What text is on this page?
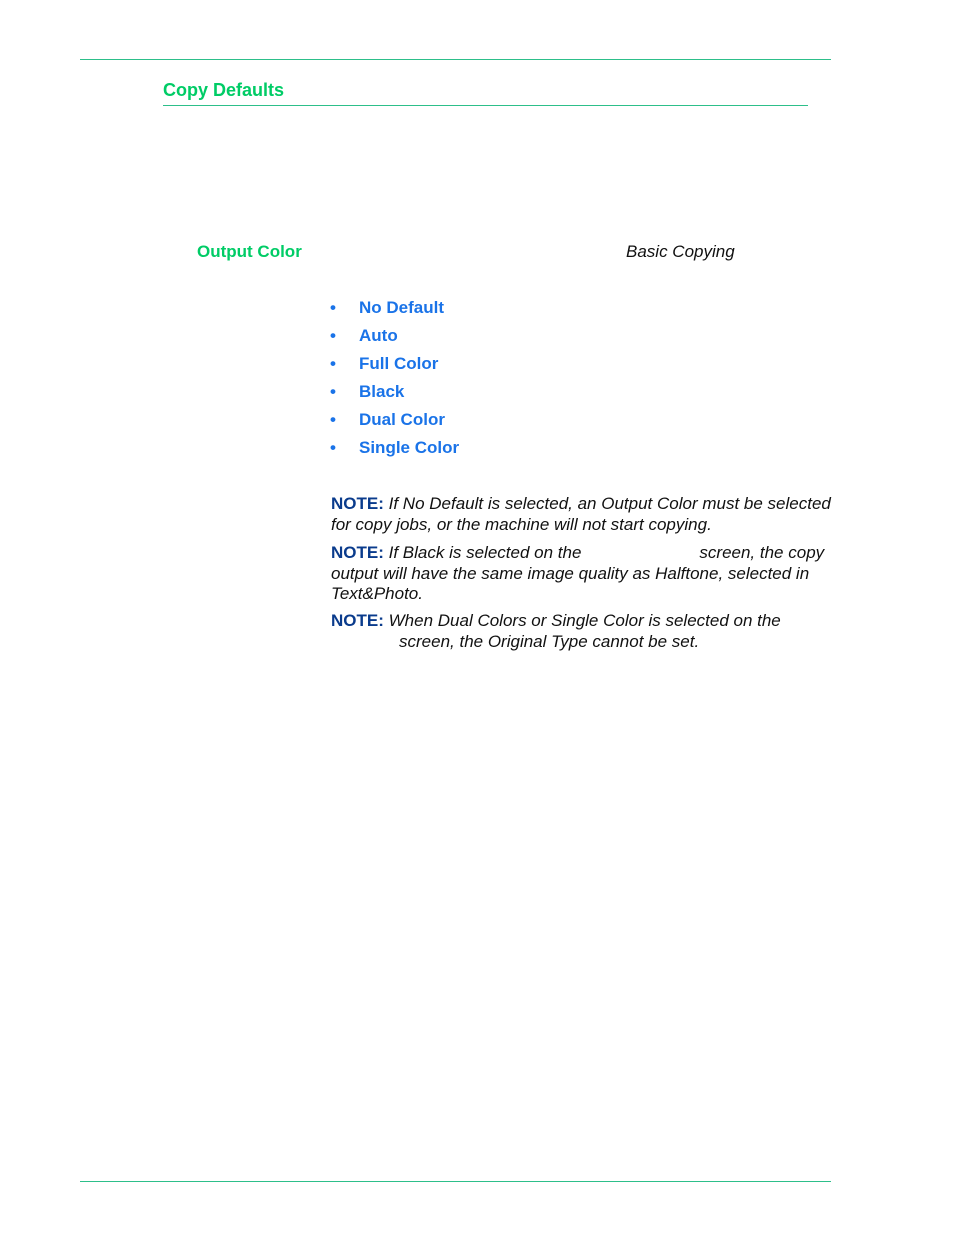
Copy Defaults
Output Color	Basic Copying
• No Default
• Auto
• Full Color
• Black
• Dual Color
• Single Color
NOTE: If No Default is selected, an Output Color must be selected for copy jobs, or the machine will not start copying.
NOTE: If Black is selected on the	screen, the copy output will have the same image quality as Halftone, selected in Text&Photo.
NOTE: When Dual Colors or Single Color is selected on the
screen, the Original Type cannot be set.
